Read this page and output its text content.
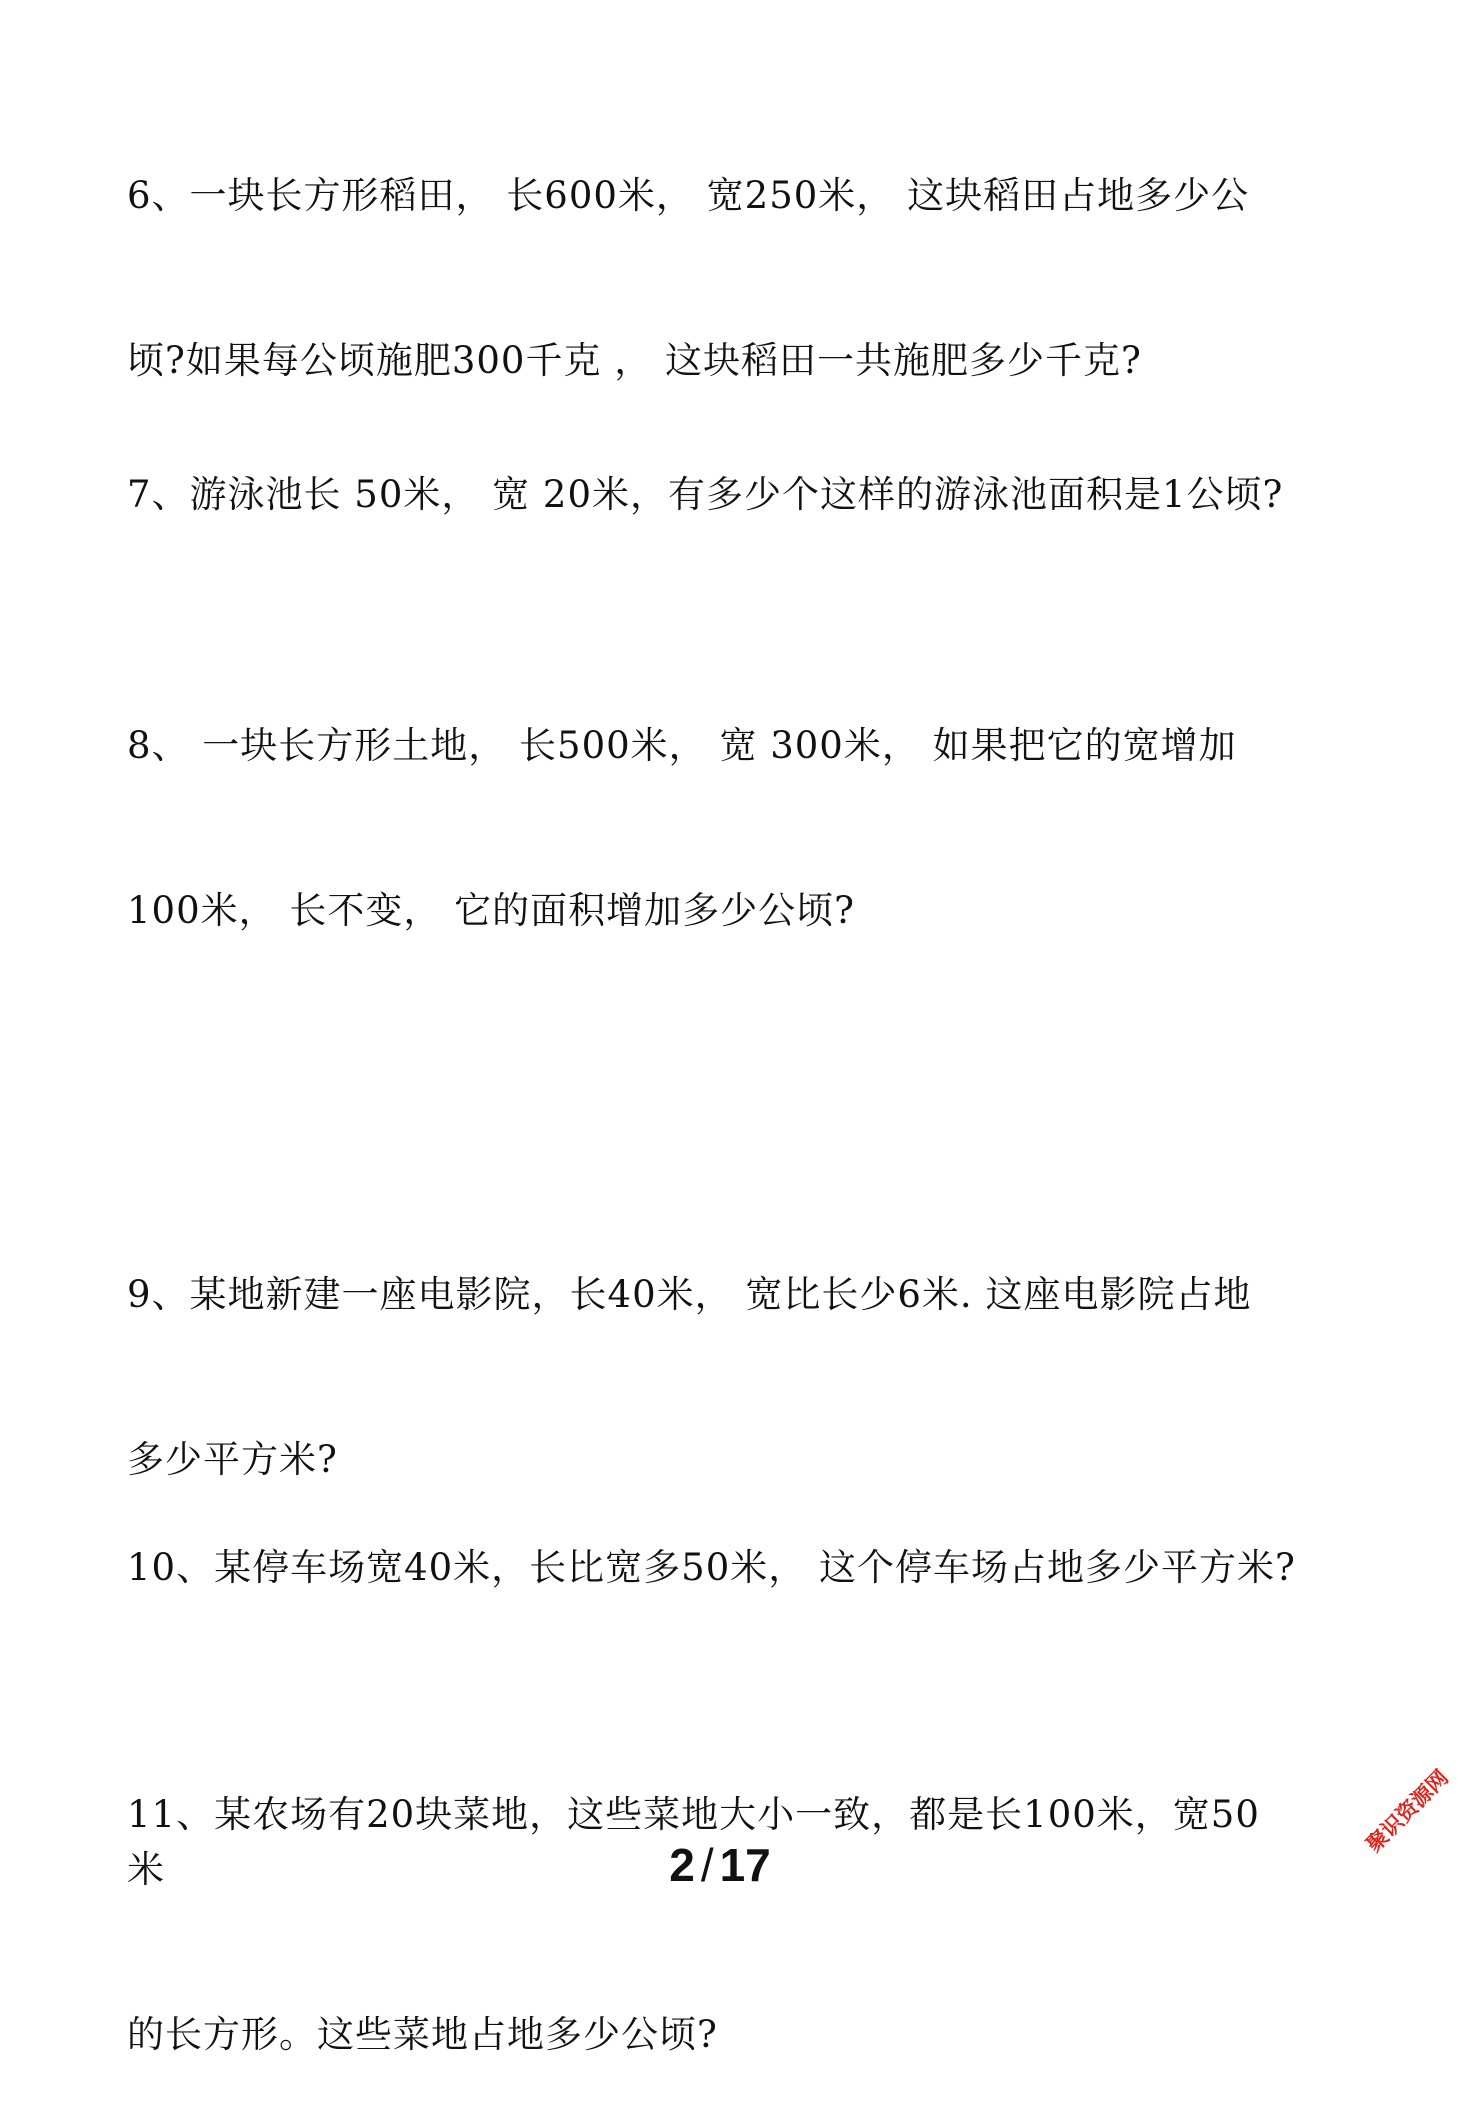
6、一块长方形稻田， 长600米， 宽250米， 这块稻田占地多少公

顷?如果每公顷施肥300千克 ， 这块稻田一共施肥多少千克?

7、游泳池长 50米， 宽 20米，有多少个这样的游泳池面积是1公顷?

8、 一块长方形土地， 长500米， 宽 300米， 如果把它的宽增加

100米， 长不变， 它的面积增加多少公顷?

9、某地新建一座电影院，长40米， 宽比长少6米. 这座电影院占地

多少平方米?

10、某停车场宽40米，长比宽多50米， 这个停车场占地多少平方米?

11、某农场有20块菜地，这些菜地大小一致，都是长100米，宽50米

的长方形。这些菜地占地多少公顷?

2 / 17
聚识资源网
